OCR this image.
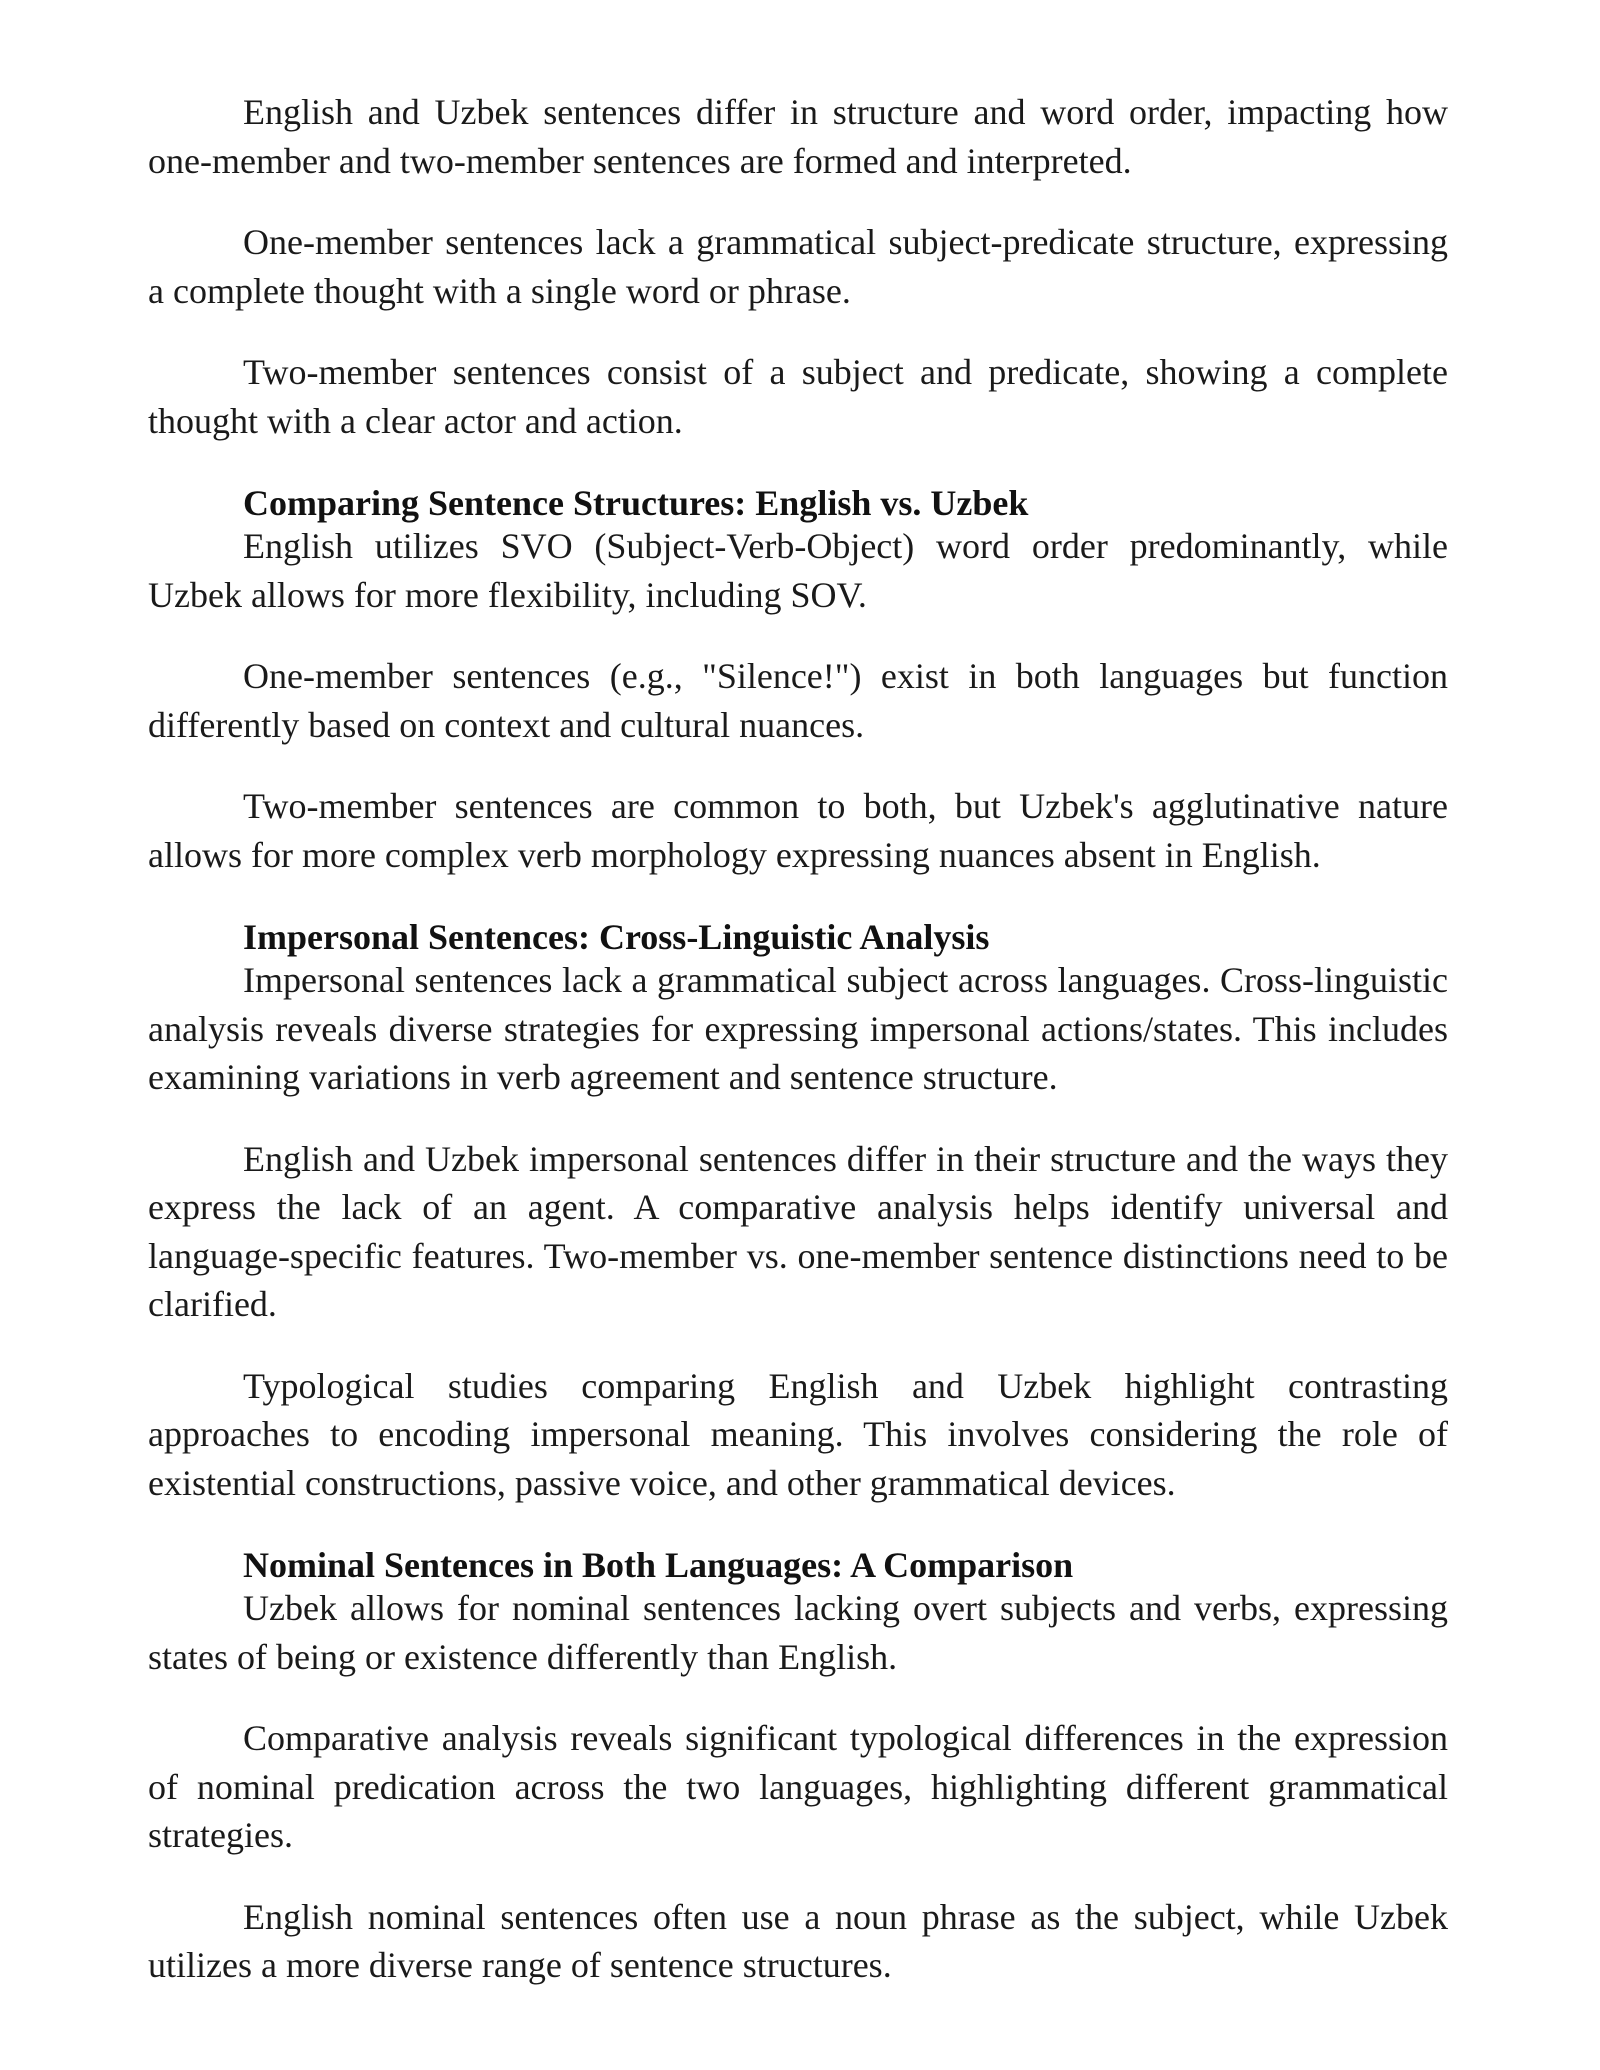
English and Uzbek sentences differ in structure and word order, impacting how one-member and two-member sentences are formed and interpreted.

One-member sentences lack a grammatical subject-predicate structure, expressing a complete thought with a single word or phrase.

Two-member sentences consist of a subject and predicate, showing a complete thought with a clear actor and action.

Comparing Sentence Structures: English vs. Uzbek

English utilizes SVO (Subject-Verb-Object) word order predominantly, while Uzbek allows for more flexibility, including SOV.

One-member sentences (e.g., "Silence!") exist in both languages but function differently based on context and cultural nuances.

Two-member sentences are common to both, but Uzbek's agglutinative nature allows for more complex verb morphology expressing nuances absent in English.

Impersonal Sentences: Cross-Linguistic Analysis

Impersonal sentences lack a grammatical subject across languages. Cross-linguistic analysis reveals diverse strategies for expressing impersonal actions/states. This includes examining variations in verb agreement and sentence structure.

English and Uzbek impersonal sentences differ in their structure and the ways they express the lack of an agent. A comparative analysis helps identify universal and language-specific features. Two-member vs. one-member sentence distinctions need to be clarified.

Typological studies comparing English and Uzbek highlight contrasting approaches to encoding impersonal meaning. This involves considering the role of existential constructions, passive voice, and other grammatical devices.

Nominal Sentences in Both Languages: A Comparison

Uzbek allows for nominal sentences lacking overt subjects and verbs, expressing states of being or existence differently than English.

Comparative analysis reveals significant typological differences in the expression of nominal predication across the two languages, highlighting different grammatical strategies.

English nominal sentences often use a noun phrase as the subject, while Uzbek utilizes a more diverse range of sentence structures.
